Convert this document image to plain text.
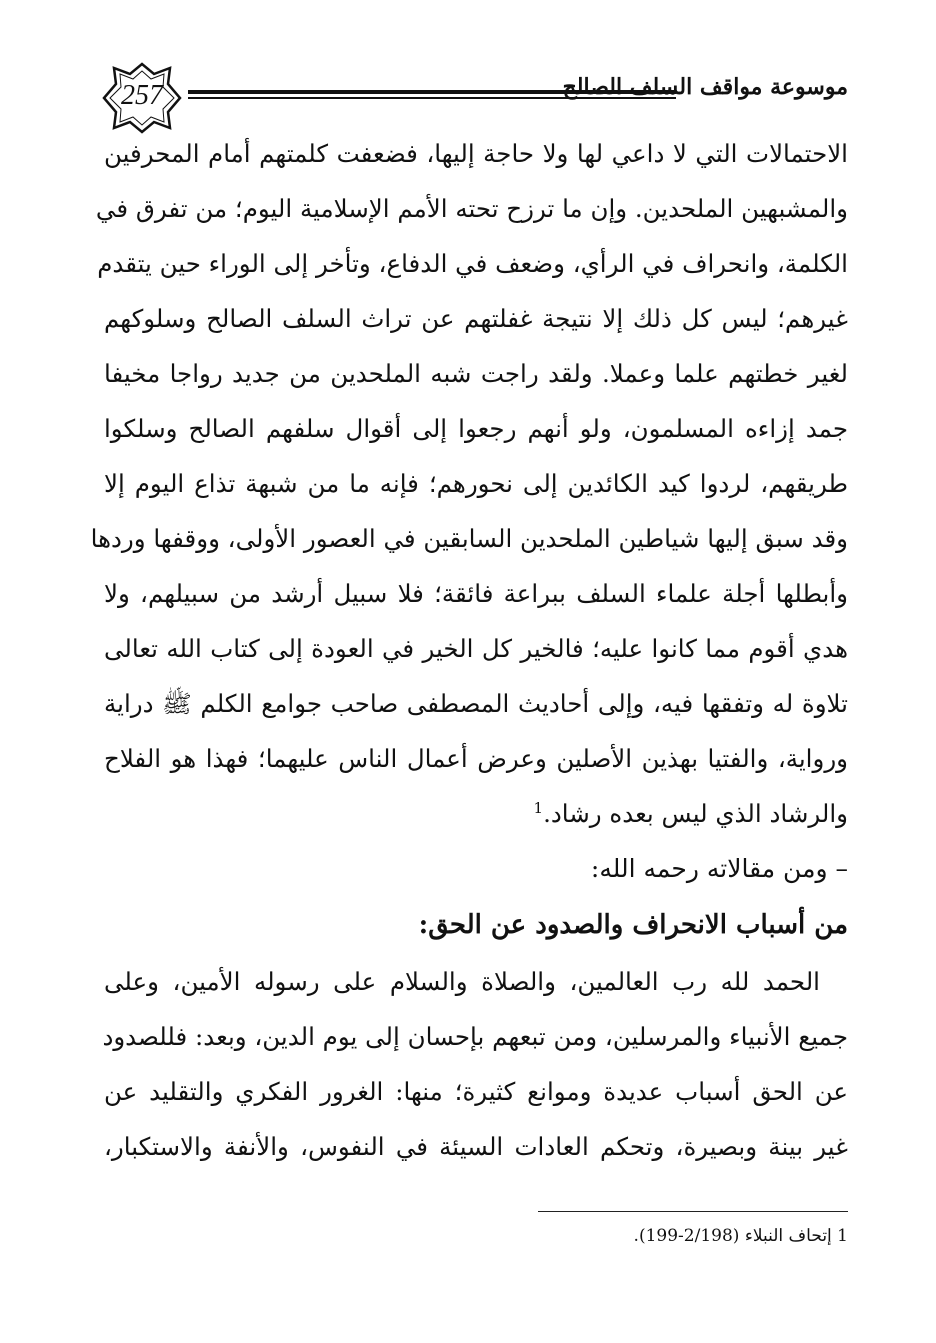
257	موسوعة مواقف السلف الصالح
الاحتمالات التي لا داعي لها ولا حاجة إليها، فضعفت كلمتهم أمام المحرفين
والمشبهين الملحدين. وإن ما ترزح تحته الأمم الإسلامية اليوم؛ من تفرق في
الكلمة، وانحراف في الرأي، وضعف في الدفاع، وتأخر إلى الوراء حين يتقدم
غيرهم؛ ليس كل ذلك إلا نتيجة غفلتهم عن تراث السلف الصالح وسلوكهم
لغير خطتهم علما وعملا. ولقد راجت شبه الملحدين من جديد رواجا مخيفا
جمد إزاءه المسلمون، ولو أنهم رجعوا إلى أقوال سلفهم الصالح وسلكوا
طريقهم، لردوا كيد الكائدين إلى نحورهم؛ فإنه ما من شبهة تذاع اليوم إلا
وقد سبق إليها شياطين الملحدين السابقين في العصور الأولى، ووقفها وردها
وأبطلها أجلة علماء السلف ببراعة فائقة؛ فلا سبيل أرشد من سبيلهم، ولا
هدي أقوم مما كانوا عليه؛ فالخير كل الخير في العودة إلى كتاب الله تعالى
تلاوة له وتفقها فيه، وإلى أحاديث المصطفى صاحب جوامع الكلم ﷺ دراية
ورواية، والفتيا بهذين الأصلين وعرض أعمال الناس عليهما؛ فهذا هو الفلاح
والرشاد الذي ليس بعده رشاد.$^1$
– ومن مقالاته رحمه الله:
من أسباب الانحراف والصدود عن الحق:
الحمد لله رب العالمين، والصلاة والسلام على رسوله الأمين، وعلى
جميع الأنبياء والمرسلين، ومن تبعهم بإحسان إلى يوم الدين، وبعد: فللصدود
عن الحق أسباب عديدة وموانع كثيرة؛ منها: الغرور الفكري والتقليد عن
غير بينة وبصيرة، وتحكم العادات السيئة في النفوس، والأنفة والاستكبار،
1 إتحاف النبلاء (2/198-199).
